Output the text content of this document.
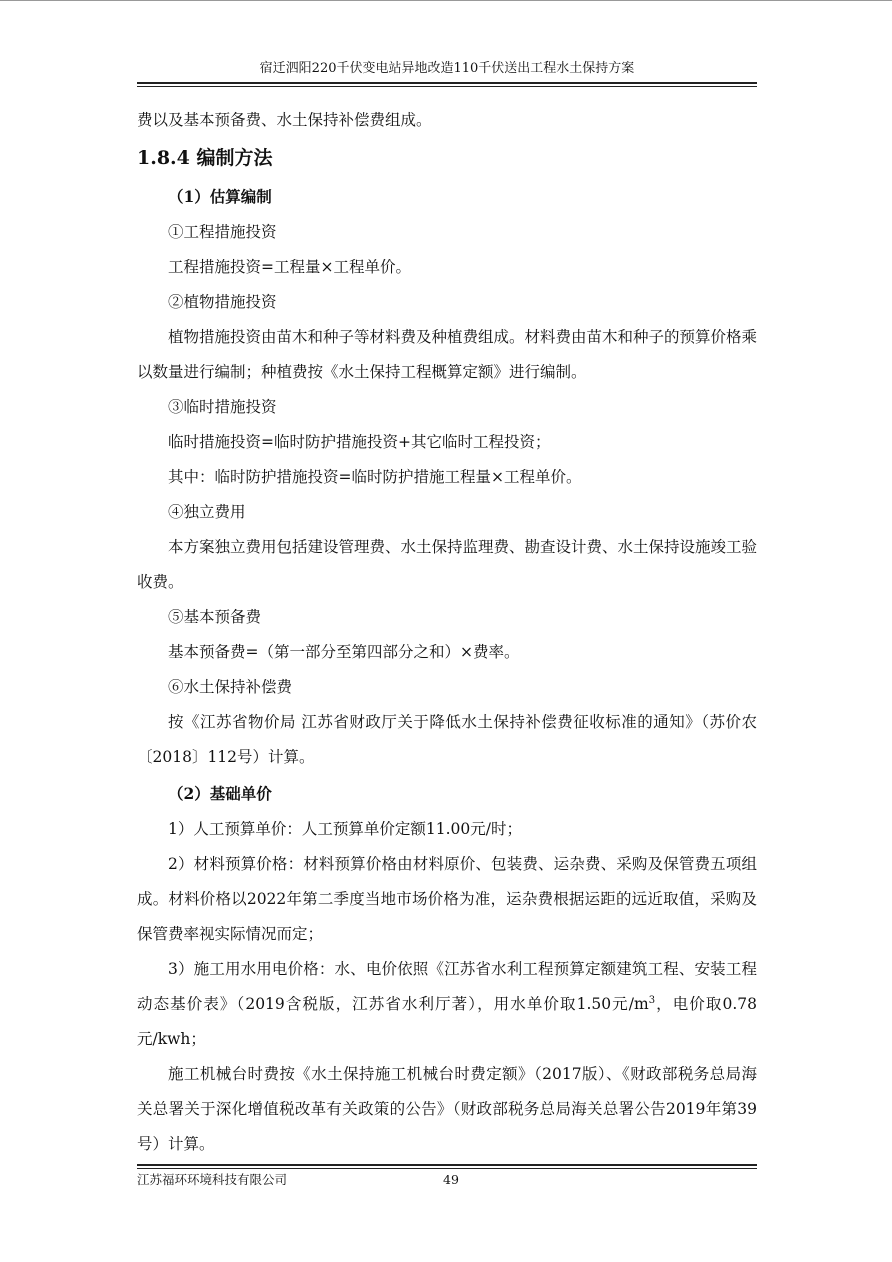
宿迁泗阳220千伏变电站异地改造110千伏送出工程水土保持方案

费以及基本预备费、水土保持补偿费组成。

1.8.4 编制方法

（1）估算编制

①工程措施投资

工程措施投资=工程量×工程单价。

②植物措施投资

植物措施投资由苗木和种子等材料费及种植费组成。材料费由苗木和种子的预算价格乘以数量进行编制；种植费按《水土保持工程概算定额》进行编制。

③临时措施投资

临时措施投资=临时防护措施投资+其它临时工程投资；

其中：临时防护措施投资=临时防护措施工程量×工程单价。

④独立费用

本方案独立费用包括建设管理费、水土保持监理费、勘查设计费、水土保持设施竣工验收费。

⑤基本预备费

基本预备费=（第一部分至第四部分之和）×费率。

⑥水土保持补偿费

按《江苏省物价局 江苏省财政厅关于降低水土保持补偿费征收标准的通知》（苏价农〔2018〕112号）计算。

（2）基础单价

1）人工预算单价：人工预算单价定额11.00元/时；

2）材料预算价格：材料预算价格由材料原价、包装费、运杂费、采购及保管费五项组成。材料价格以2022年第二季度当地市场价格为准，运杂费根据运距的远近取值，采购及保管费率视实际情况而定；

3）施工用水用电价格：水、电价依照《江苏省水利工程预算定额建筑工程、安装工程动态基价表》（2019含税版，江苏省水利厅著），用水单价取1.50元$/m^3$，电价取0.78元/kwh；

施工机械台时费按《水土保持施工机械台时费定额》（2017版）、《财政部税务总局海关总署关于深化增值税改革有关政策的公告》（财政部税务总局海关总署公告2019年第39号）计算。

江苏福环环境科技有限公司	49
